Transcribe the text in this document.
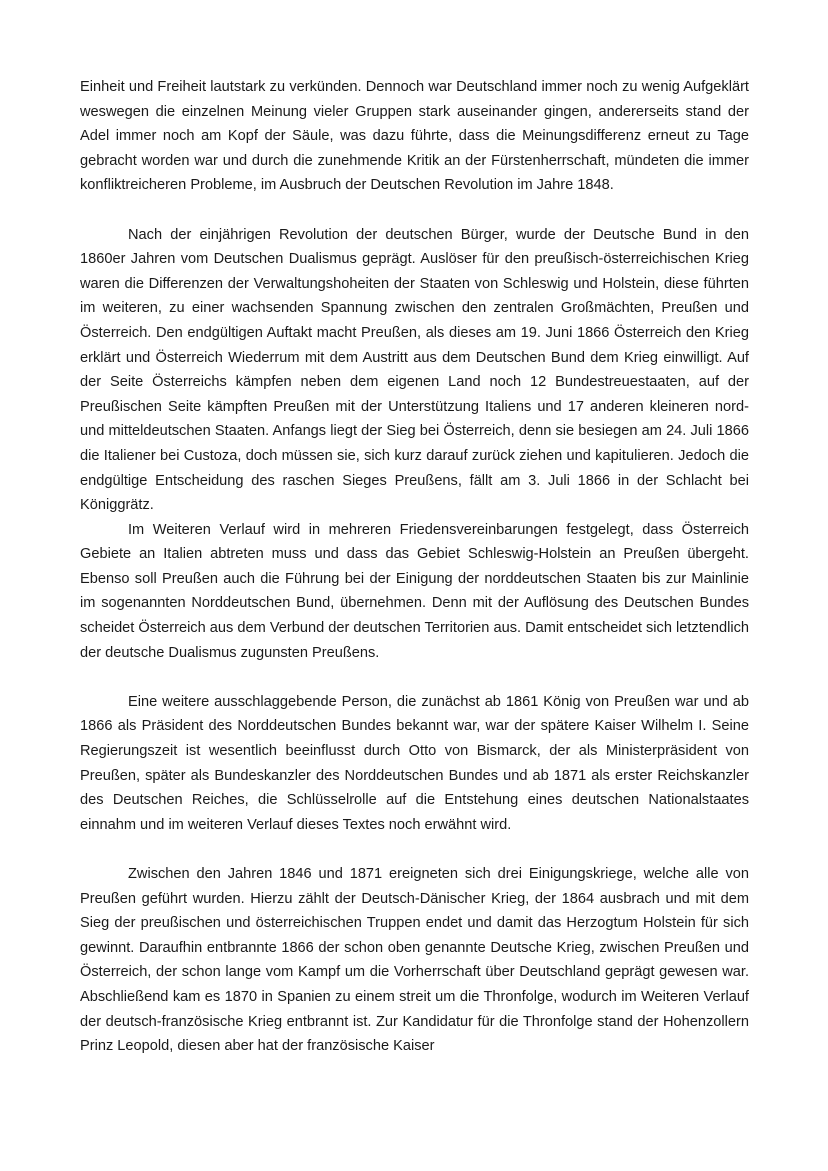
Einheit und Freiheit lautstark zu verkünden. Dennoch war Deutschland immer noch zu wenig Aufgeklärt weswegen die einzelnen Meinung vieler Gruppen stark auseinander gingen, andererseits stand der Adel immer noch am Kopf der Säule, was dazu führte, dass die Meinungsdifferenz erneut zu Tage gebracht worden war und durch die zunehmende Kritik an der Fürstenherrschaft, mündeten die immer konfliktreicheren Probleme, im Ausbruch der Deutschen Revolution im Jahre 1848.

Nach der einjährigen Revolution der deutschen Bürger, wurde der Deutsche Bund in den 1860er Jahren vom Deutschen Dualismus geprägt. Auslöser für den preußisch-österreichischen Krieg waren die Differenzen der Verwaltungshoheiten der Staaten von Schleswig und Holstein, diese führten im weiteren, zu einer wachsenden Spannung zwischen den zentralen Großmächten, Preußen und Österreich. Den endgültigen Auftakt macht Preußen, als dieses am 19. Juni 1866 Österreich den Krieg erklärt und Österreich Wiederrum mit dem Austritt aus dem Deutschen Bund dem Krieg einwilligt. Auf der Seite Österreichs kämpfen neben dem eigenen Land noch 12 Bundestreuestaaten, auf der Preußischen Seite kämpften Preußen mit der Unterstützung Italiens und 17 anderen kleineren nord- und mitteldeutschen Staaten. Anfangs liegt der Sieg bei Österreich, denn sie besiegen am 24. Juli 1866 die Italiener bei Custoza, doch müssen sie, sich kurz darauf zurück ziehen und kapitulieren. Jedoch die endgültige Entscheidung des raschen Sieges Preußens, fällt am 3. Juli 1866 in der Schlacht bei Königgrätz.

Im Weiteren Verlauf wird in mehreren Friedensvereinbarungen festgelegt, dass Österreich Gebiete an Italien abtreten muss und dass das Gebiet Schleswig-Holstein an Preußen übergeht. Ebenso soll Preußen auch die Führung bei der Einigung der norddeutschen Staaten bis zur Mainlinie im sogenannten Norddeutschen Bund, übernehmen. Denn mit der Auflösung des Deutschen Bundes scheidet Österreich aus dem Verbund der deutschen Territorien aus. Damit entscheidet sich letztendlich der deutsche Dualismus zugunsten Preußens.

Eine weitere ausschlaggebende Person, die zunächst ab 1861 König von Preußen war und ab 1866 als Präsident des Norddeutschen Bundes bekannt war, war der spätere Kaiser Wilhelm I. Seine Regierungszeit ist wesentlich beeinflusst durch Otto von Bismarck, der als Ministerpräsident von Preußen, später als Bundeskanzler des Norddeutschen Bundes und ab 1871 als erster Reichskanzler des Deutschen Reiches, die Schlüsselrolle auf die Entstehung eines deutschen Nationalstaates einnahm und im weiteren Verlauf dieses Textes noch erwähnt wird.

Zwischen den Jahren 1846 und 1871 ereigneten sich drei Einigungskriege, welche alle von Preußen geführt wurden. Hierzu zählt der Deutsch-Dänischer Krieg, der 1864 ausbrach und mit dem Sieg der preußischen und österreichischen Truppen endet und damit das Herzogtum Holstein für sich gewinnt. Daraufhin entbrannte 1866 der schon oben genannte Deutsche Krieg, zwischen Preußen und Österreich, der schon lange vom Kampf um die Vorherrschaft über Deutschland geprägt gewesen war. Abschließend kam es 1870 in Spanien zu einem streit um die Thronfolge, wodurch im Weiteren Verlauf der deutsch-französische Krieg entbrannt ist. Zur Kandidatur für die Thronfolge stand der Hohenzollern Prinz Leopold, diesen aber hat der französische Kaiser
